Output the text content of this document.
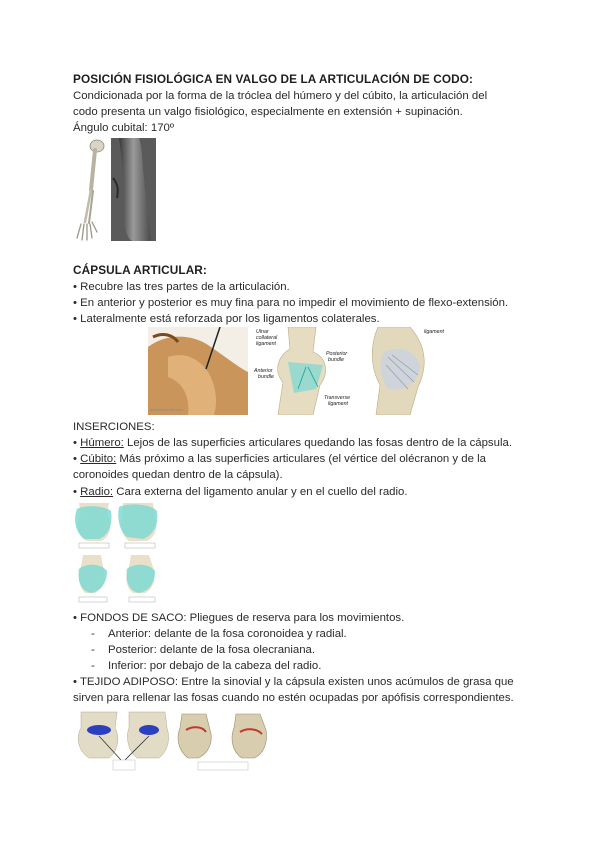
POSICIÓN FISIOLÓGICA EN VALGO DE LA ARTICULACIÓN DE CODO:
Condicionada por la forma de la tróclea del húmero y del cúbito, la articulación del
codo presenta un valgo fisiológico, especialmente en extensión + supinación.
Ángulo cubital: 170º
CÁPSULA ARTICULAR:
• Recubre las tres partes de la articulación.
• En anterior y posterior es muy fina para no impedir el movimiento de flexo-extensión.
• Lateralmente está reforzada por los ligamentos colaterales.
anatomyzone.com
Ulnar
collateral
ligament
Posterior
bundle
Anterior
bundle
Transverse
ligament
ligament
INSERCIONES:
• Húmero: Lejos de las superficies articulares quedando las fosas dentro de la cápsula.
• Cúbito: Más próximo a las superficies articulares (el vértice del olécranon y de la
coronoides quedan dentro de la cápsula).
• Radio: Cara externa del ligamento anular y en el cuello del radio.
• FONDOS DE SACO: Pliegues de reserva para los movimientos.
- Anterior: delante de la fosa coronoidea y radial.
- Posterior: delante de la fosa olecraniana.
- Inferior: por debajo de la cabeza del radio.
• TEJIDO ADIPOSO: Entre la sinovial y la cápsula existen unos acúmulos de grasa que
sirven para rellenar las fosas cuando no estén ocupadas por apófisis correspondientes.
